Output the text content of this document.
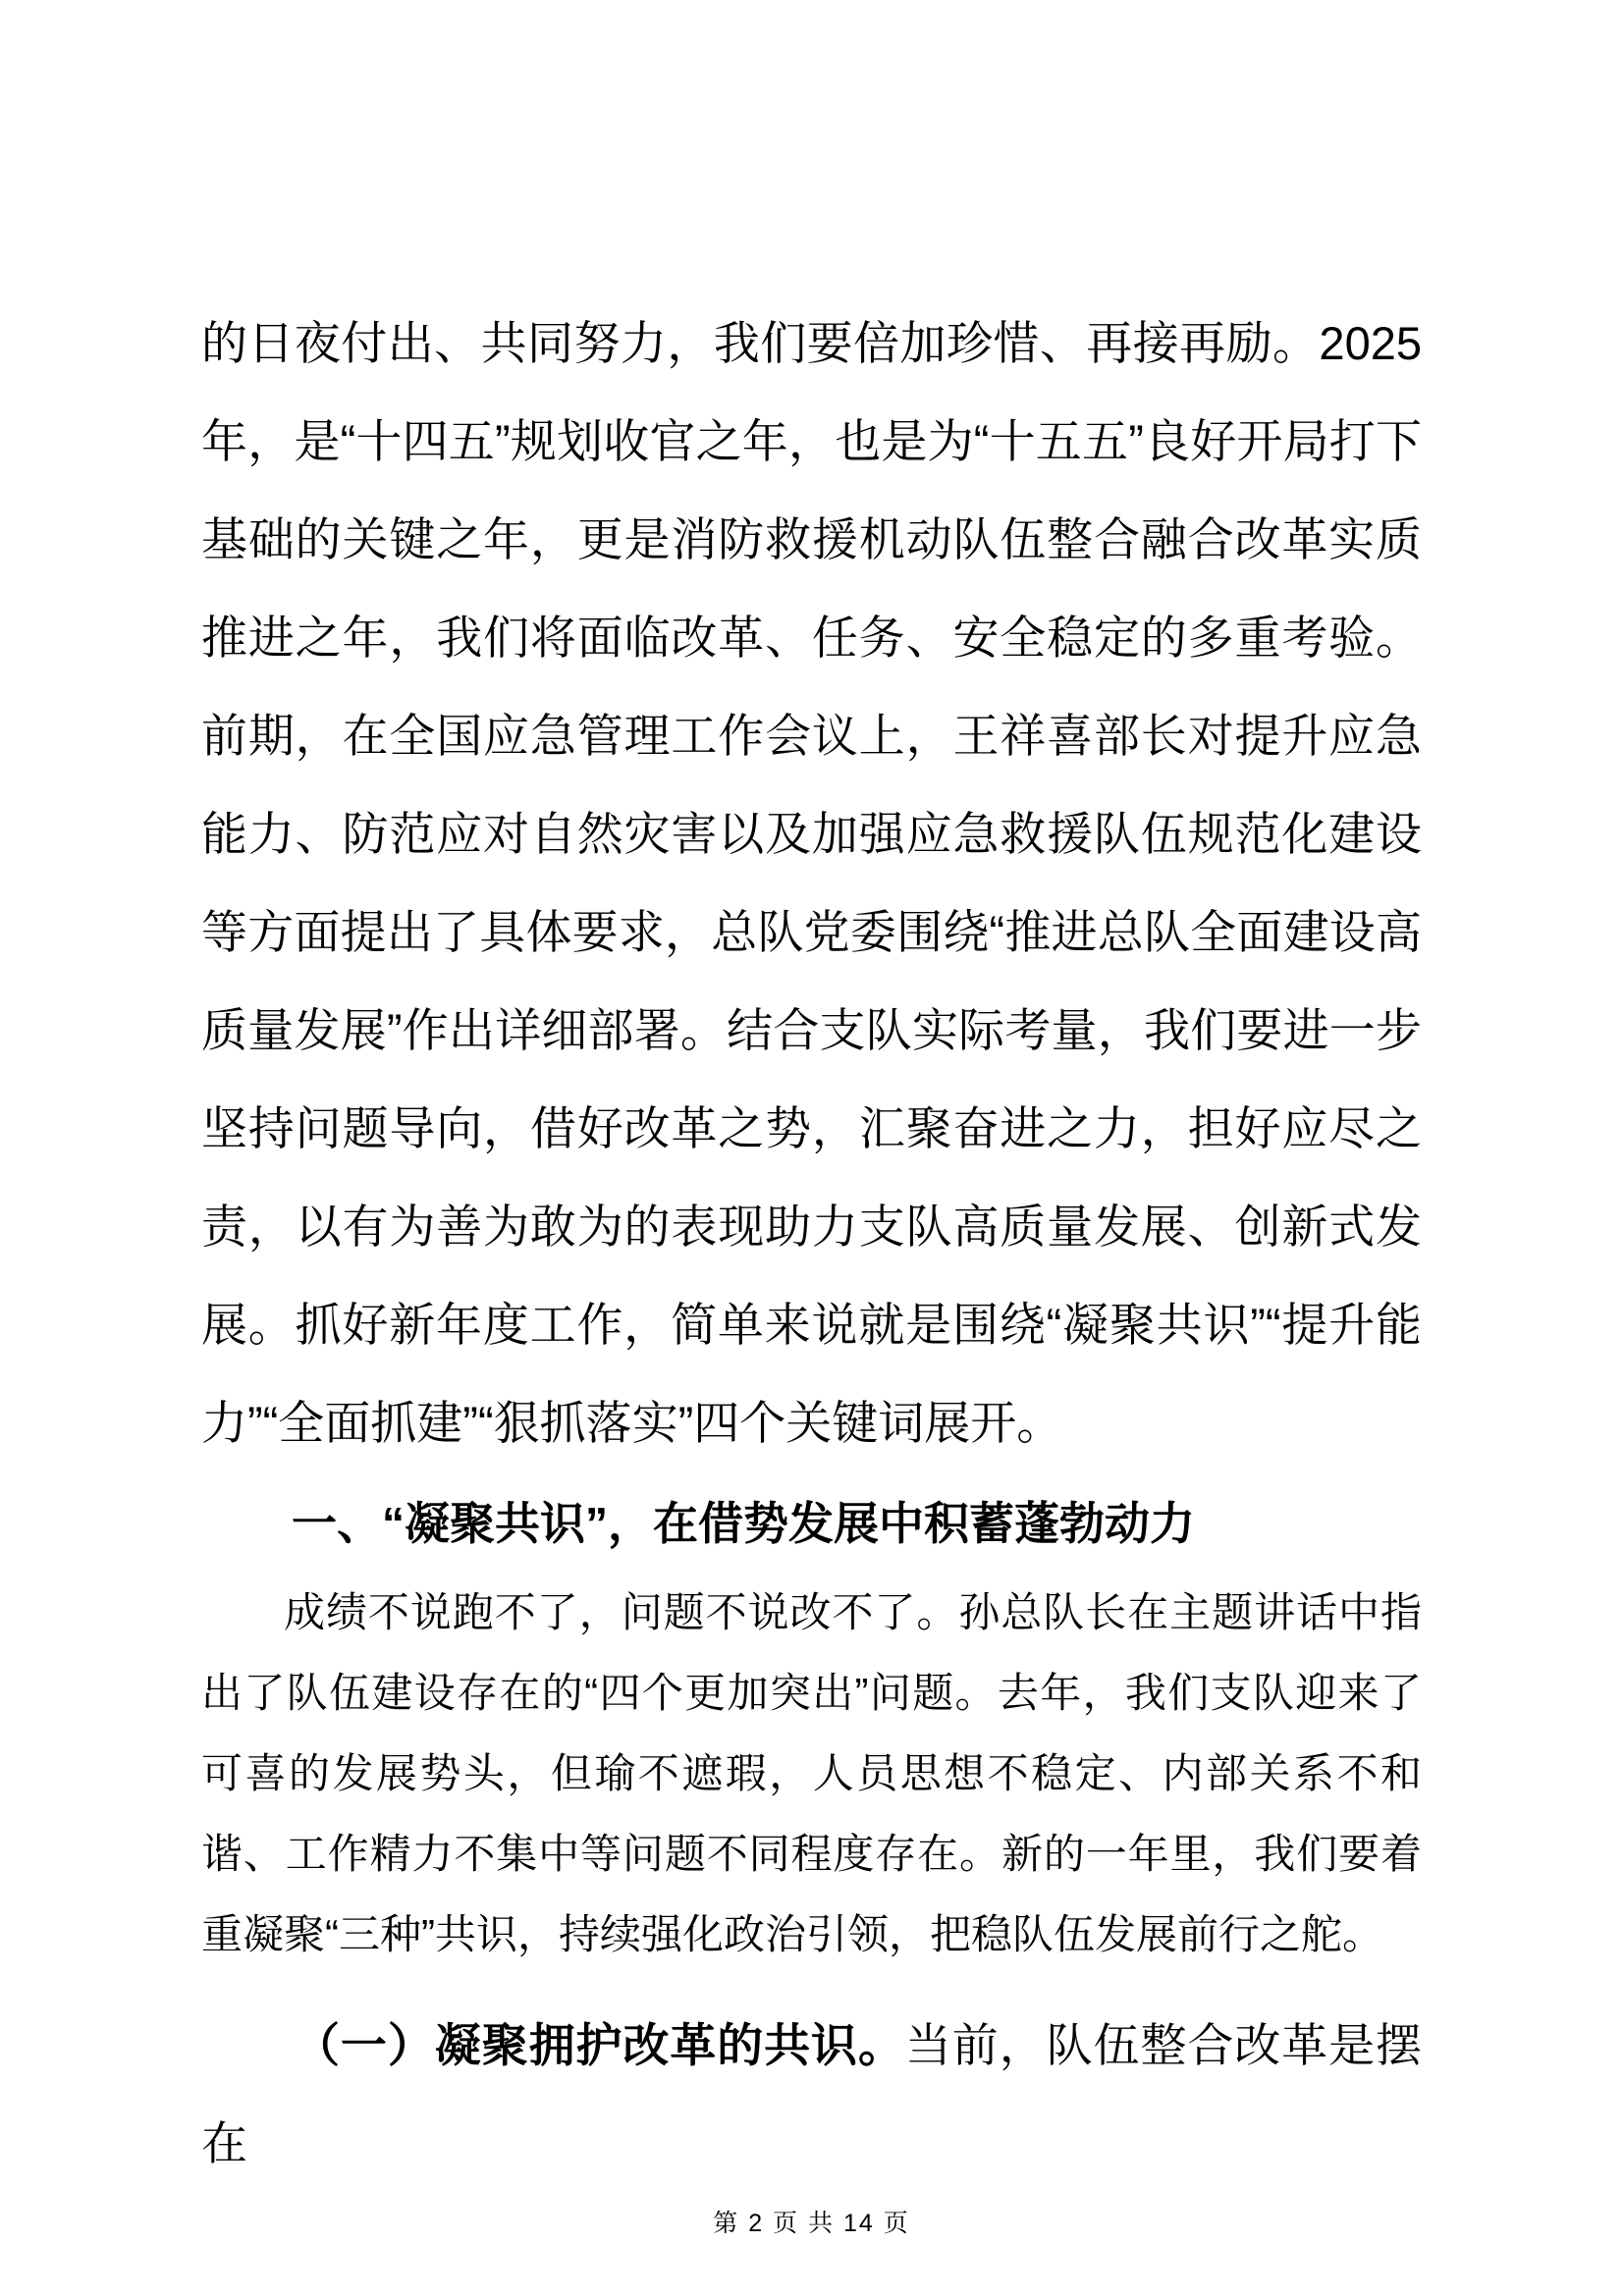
的日夜付出、共同努力，我们要倍加珍惜、再接再励。2025年，是“十四五”规划收官之年，也是为“十五五”良好开局打下基础的关键之年，更是消防救援机动队伍整合融合改革实质推进之年，我们将面临改革、任务、安全稳定的多重考验。前期，在全国应急管理工作会议上，王祥喜部长对提升应急能力、防范应对自然灾害以及加强应急救援队伍规范化建设等方面提出了具体要求，总队党委围绕“推进总队全面建设高质量发展”作出详细部署。结合支队实际考量，我们要进一步坚持问题导向，借好改革之势，汇聚奋进之力，担好应尽之责，以有为善为敢为的表现助力支队高质量发展、创新式发展。抓好新年度工作，简单来说就是围绕“凝聚共识”“提升能力”“全面抓建”“狠抓落实”四个关键词展开。

一、“凝聚共识”，在借势发展中积蓄蓬勃动力

成绩不说跑不了，问题不说改不了。孙总队长在主题讲话中指出了队伍建设存在的“四个更加突出”问题。去年，我们支队迎来了可喜的发展势头，但瑜不遮瑕，人员思想不稳定、内部关系不和谐、工作精力不集中等问题不同程度存在。新的一年里，我们要着重凝聚“三种”共识，持续强化政治引领，把稳队伍发展前行之舵。

（一）凝聚拥护改革的共识。当前，队伍整合改革是摆在

第 2 页 共 14 页
